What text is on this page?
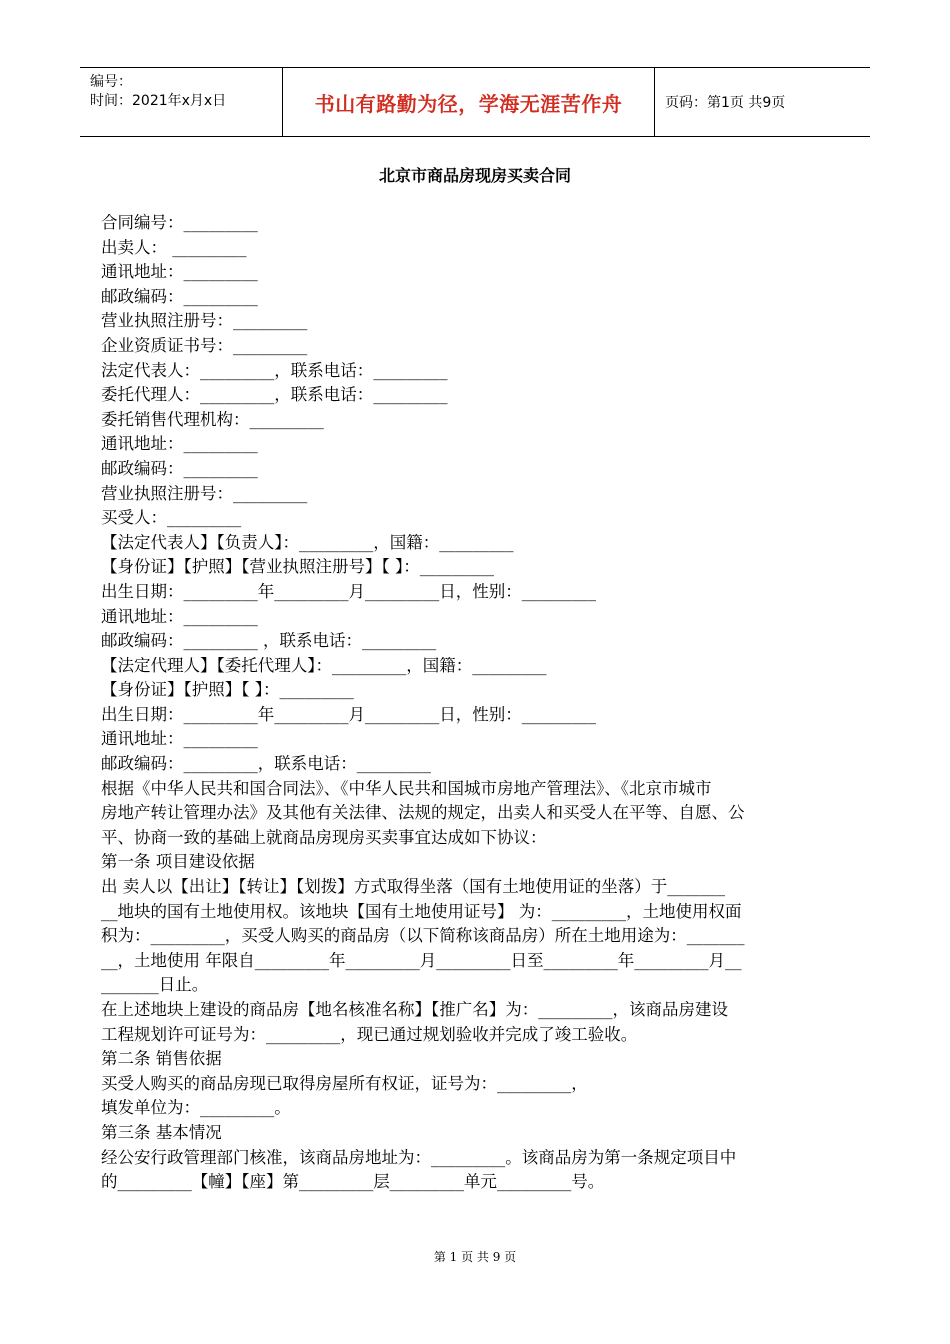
编号：
时间：2021年x月x日	书山有路勤为径，学海无涯苦作舟	页码：第1页 共9页
北京市商品房现房买卖合同

合同编号：_________

出卖人： _________

通讯地址：_________

邮政编码：_________

营业执照注册号：_________

企业资质证书号：_________

法定代表人：_________，联系电话：_________

委托代理人：_________，联系电话：_________

委托销售代理机构：_________

通讯地址：_________

邮政编码：_________

营业执照注册号：_________

买受人：_________

【法定代表人】【负责人】：_________，国籍：_________

【身份证】【护照】【营业执照注册号】【 】：_________

出生日期：_________年_________月_________日，性别：_________

通讯地址：_________

邮政编码：_________ ，联系电话：_________

【法定代理人】【委托代理人】：_________，国籍：_________

【身份证】【护照】【 】：_________

出生日期：_________年_________月_________日，性别：_________

通讯地址：_________

邮政编码：_________，联系电话：_________

根据《中华人民共和国合同法》、《中华人民共和国城市房地产管理法》、《北京市城市

房地产转让管理办法》及其他有关法律、法规的规定，出卖人和买受人在平等、自愿、公

平、协商一致的基础上就商品房现房买卖事宜达成如下协议：

第一条 项目建设依据

出 卖人以【出让】【转让】【划拨】方式取得坐落（国有土地使用证的坐落）于_______

__地块的国有土地使用权。该地块【国有土地使用证号】 为：_________，土地使用权面

积为：_________，买受人购买的商品房（以下简称该商品房）所在土地用途为：_______

__，土地使用 年限自_________年_________月_________日至_________年_________月__

_______日止。

在上述地块上建设的商品房【地名核准名称】【推广名】为：_________，该商品房建设

工程规划许可证号为：_________，现已通过规划验收并完成了竣工验收。

第二条 销售依据

买受人购买的商品房现已取得房屋所有权证，证号为：_________，

填发单位为：_________。

第三条 基本情况

经公安行政管理部门核准，该商品房地址为：_________。该商品房为第一条规定项目中

的_________【幢】【座】第_________层_________单元_________号。

第 1 页 共 9 页
